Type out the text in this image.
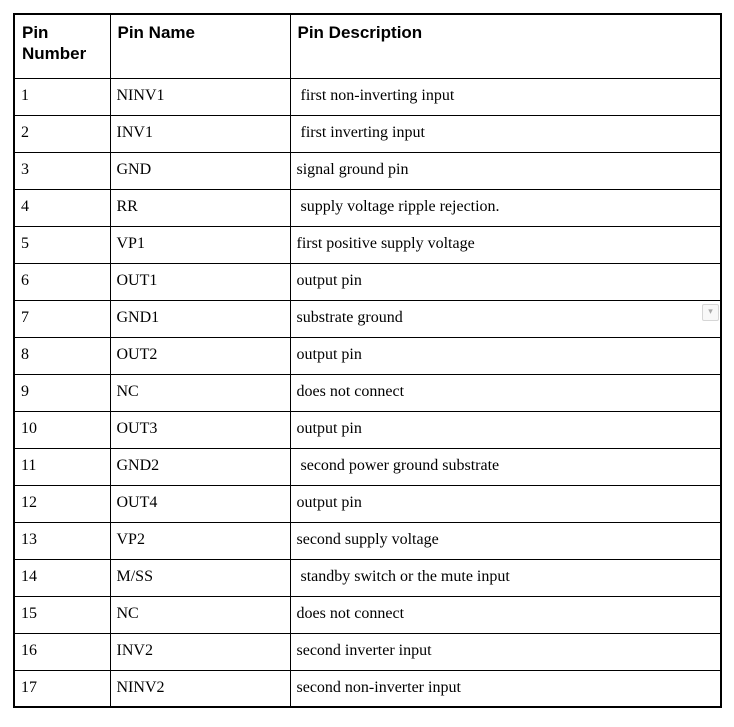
Pin Number	Pin Name	Pin Description
1	NINV1	first non-inverting input
2	INV1	first inverting input
3	GND	signal ground pin
4	RR	supply voltage ripple rejection.
5	VP1	first positive supply voltage
6	OUT1	output pin
7	GND1	substrate ground
8	OUT2	output pin
9	NC	does not connect
10	OUT3	output pin
11	GND2	second power ground substrate
12	OUT4	output pin
13	VP2	second supply voltage
14	M/SS	standby switch or the mute input
15	NC	does not connect
16	INV2	second inverter input
17	NINV2	second non-inverter input
▾
